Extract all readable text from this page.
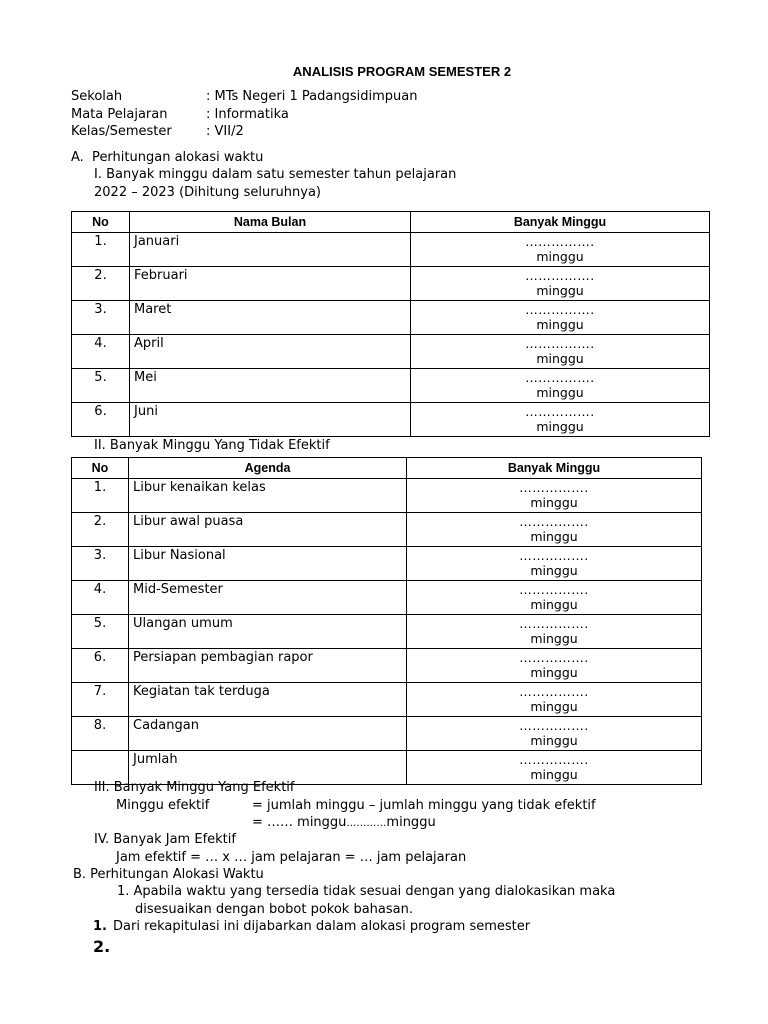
ANALISIS PROGRAM SEMESTER 2
Sekolah	: MTs Negeri 1 Padangsidimpuan
Mata Pelajaran	: Informatika
Kelas/Semester	: VII/2
A.  Perhitungan alokasi waktu
I. Banyak minggu dalam satu semester tahun pelajaran
2022 – 2023 (Dihitung seluruhnya)
No	Nama Bulan	Banyak Minggu
1.	Januari	…………….
minggu

2.	Februari	…………….
minggu

3.	Maret	…………….
minggu

4.	April	…………….
minggu

5.	Mei	…………….
minggu

6.	Juni	…………….
minggu
II. Banyak Minggu Yang Tidak Efektif
No	Agenda	Banyak Minggu
1.	Libur kenaikan kelas	…………….
minggu

2.	Libur awal puasa	…………….
minggu

3.	Libur Nasional	…………….
minggu

4.	Mid-Semester	…………….
minggu

5.	Ulangan umum	…………….
minggu

6.	Persiapan pembagian rapor	…………….
minggu

7.	Kegiatan tak terduga	…………….
minggu

8.	Cadangan	…………….
minggu

	Jumlah	…………….
minggu
III. Banyak Minggu Yang Efektif
Minggu efektif	= jumlah minggu – jumlah minggu yang tidak efektif
= …… minggu…………minggu
IV. Banyak Jam Efektif
Jam efektif = … x … jam pelajaran = … jam pelajaran
B. Perhitungan Alokasi Waktu
1. Apabila waktu yang tersedia tidak sesuai dengan yang dialokasikan maka
disesuaikan dengan bobot pokok bahasan.
1. Dari rekapitulasi ini dijabarkan dalam alokasi program semester
2.
